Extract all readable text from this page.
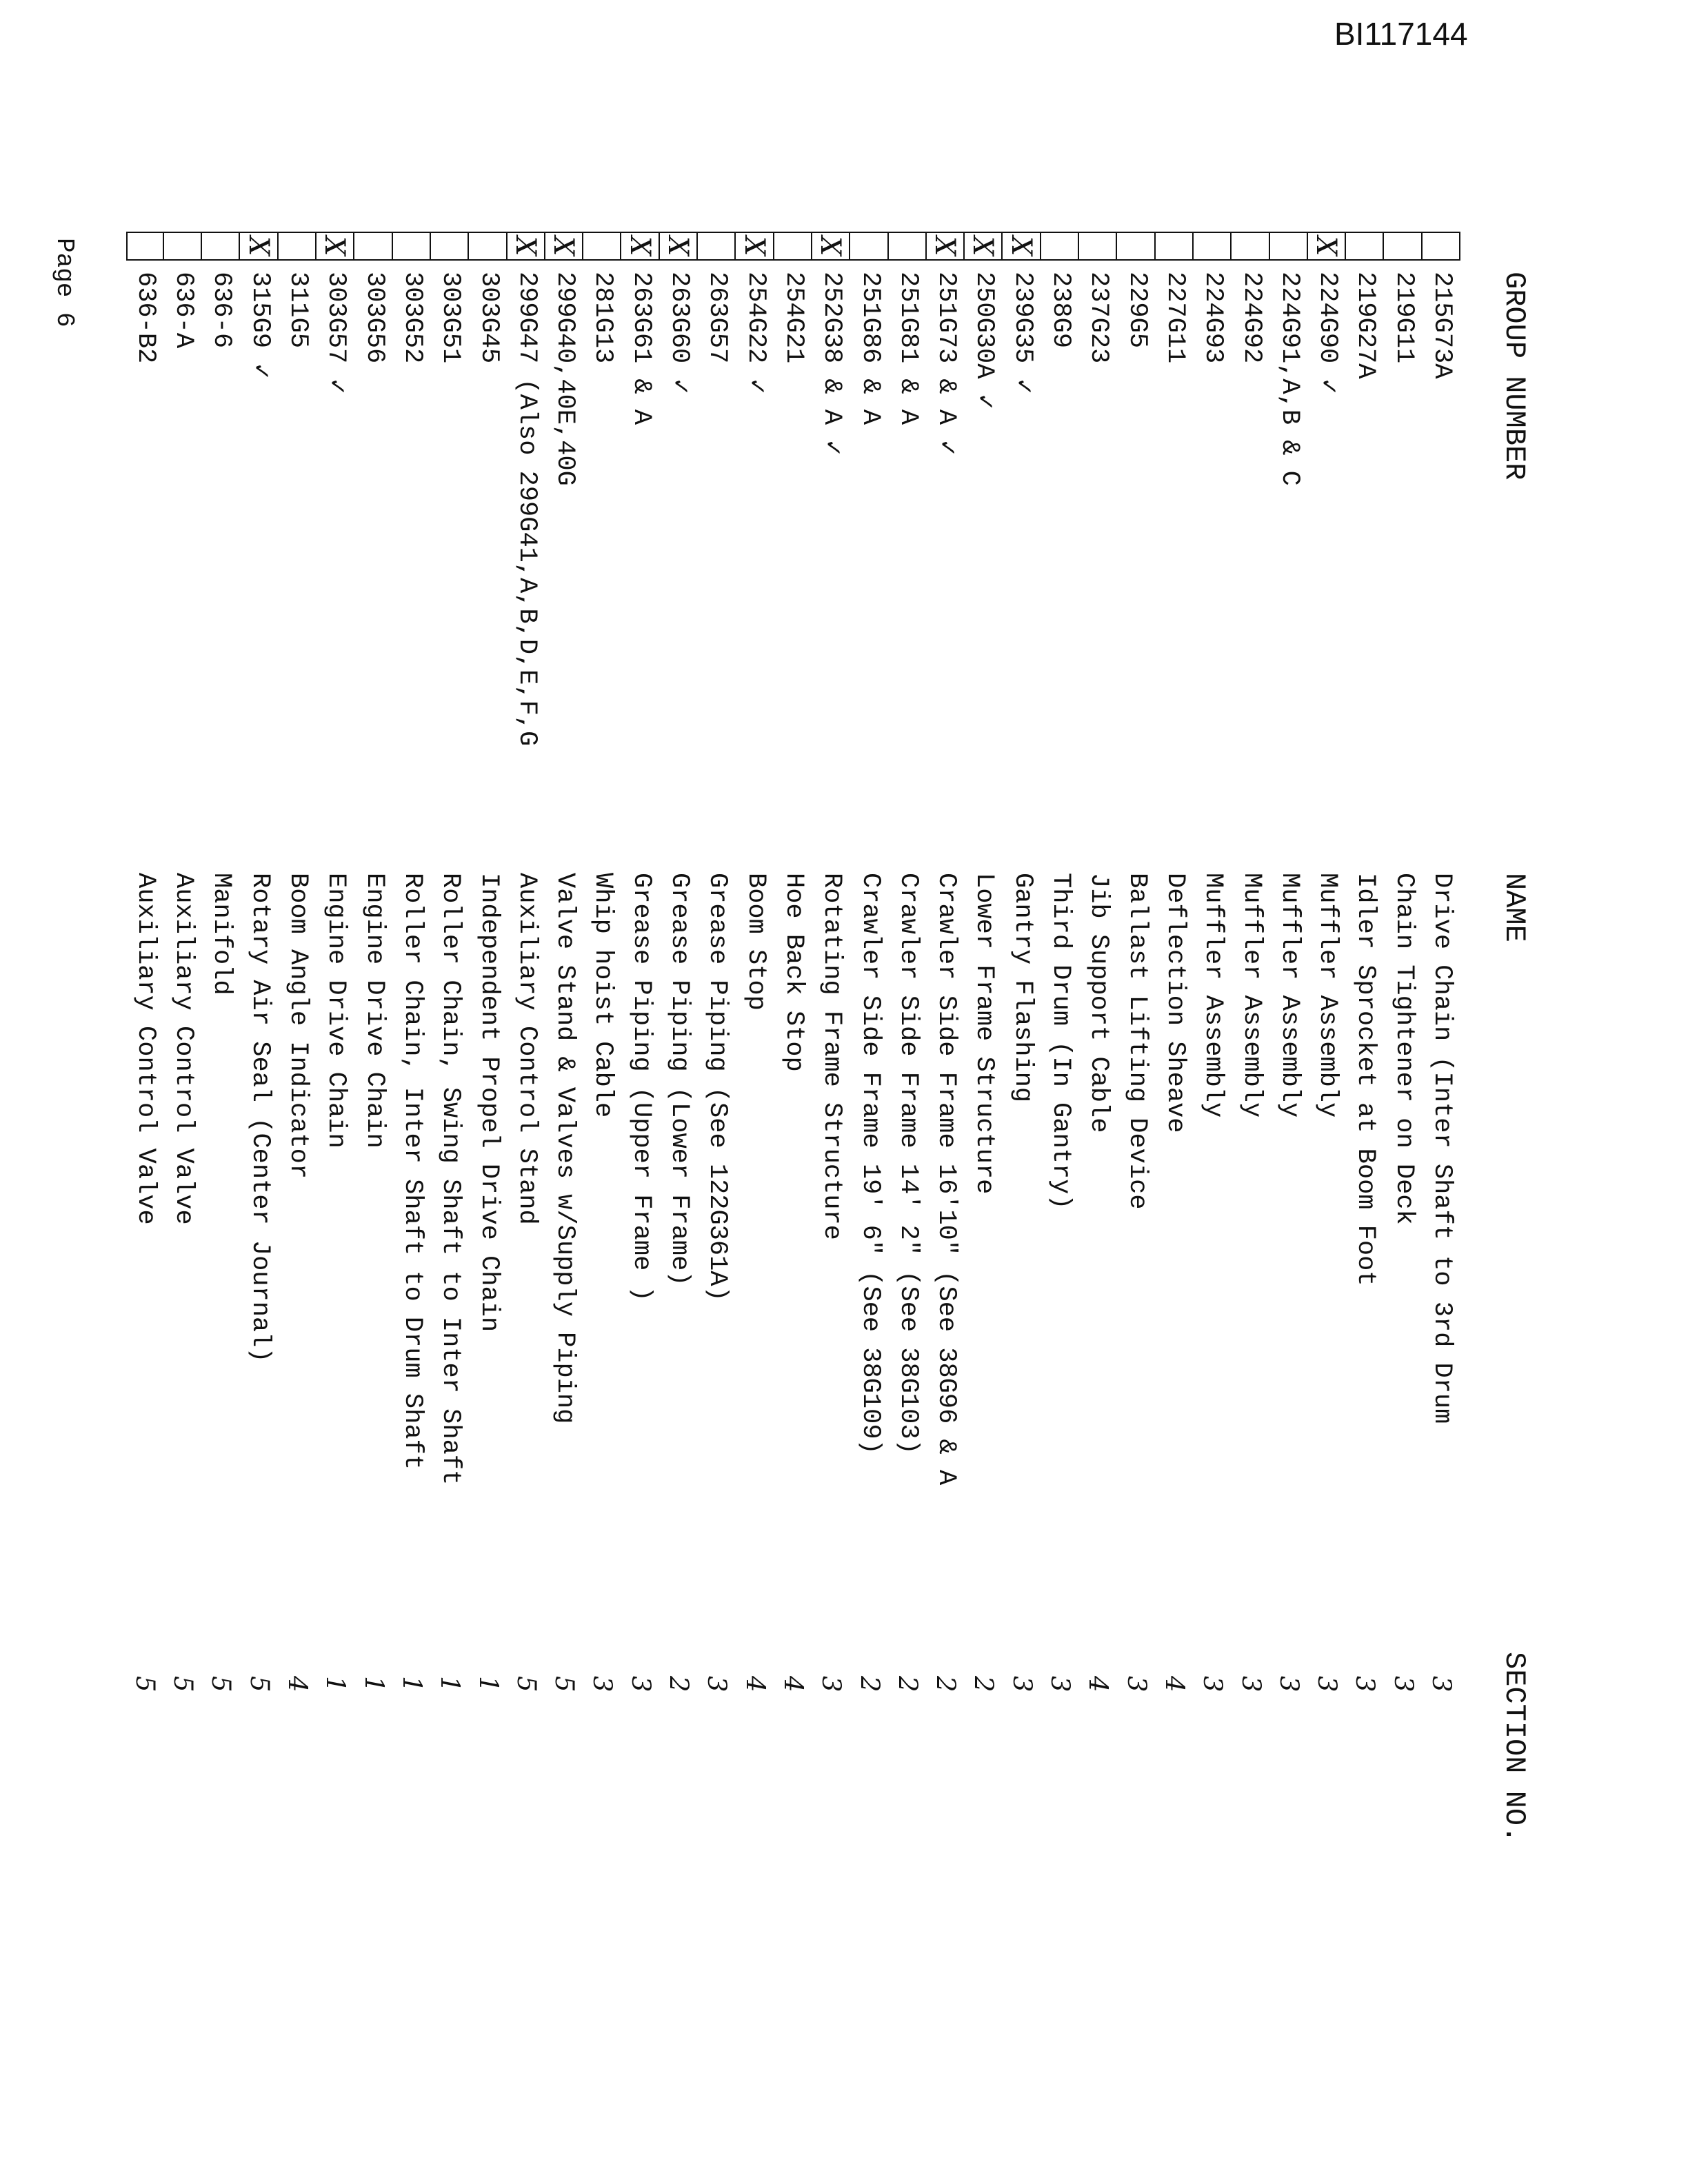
BI117144
Page 6	GROUP NUMBER
NAME
SECTION NO.
215G73A
Drive Chain (Inter Shaft to 3rd Drum
3
219G11
Chain Tightener on Deck
3
219G27A
Idler Sprocket at Boom Foot
3
X
224G90 ✓
Muffler Assembly
3
224G91,A,B & C
Muffler Assembly
3
224G92
Muffler Assembly
3
224G93
Muffler Assembly
3
227G11
Deflection Sheave
4
229G5
Ballast Lifting Device
3
237G23
Jib Support Cable
4
238G9
Third Drum (In Gantry)
3
X
239G35 ✓
Gantry Flashing
3
X
250G30A ✓
Lower Frame Structure
2
X
251G73 & A ✓
Crawler Side Frame 16'10" (See 38G96 & A
2
251G81 & A
Crawler Side Frame 14' 2" (See 38G103)
2
251G86 & A
Crawler Side Frame 19' 6" (See 38G109)
2
X
252G38 & A ✓
Rotating Frame Structure
3
254G21
Hoe Back Stop
4
X
254G22 ✓
Boom Stop
4
263G57
Grease Piping (See 122G361A)
3
X
263G60 ✓
Grease Piping (Lower Frame)
2
X
263G61 & A
Grease Piping (Upper Frame )
3
281G13
Whip hoist Cable
3
X
299G40,40E,40G
Valve Stand & Valves w/Supply Piping
5
X
299G47 (Also 299G41,A,B,D,E,F,G
Auxiliary Control Stand
5
303G45
Independent Propel Drive Chain
1
303G51
Roller Chain, Swing Shaft to Inter Shaft
1
303G52
Roller Chain, Inter Shaft to Drum Shaft
1
303G56
Engine Drive Chain
1
X
303G57 ✓
Engine Drive Chain
1
311G5
Boom Angle Indicator
4
X
315G9 ✓
Rotary Air Seal (Center Journal)
5
636-6
Manifold
5
636-A
Auxiliary Control Valve
5
636-B2
Auxiliary Control Valve
5
